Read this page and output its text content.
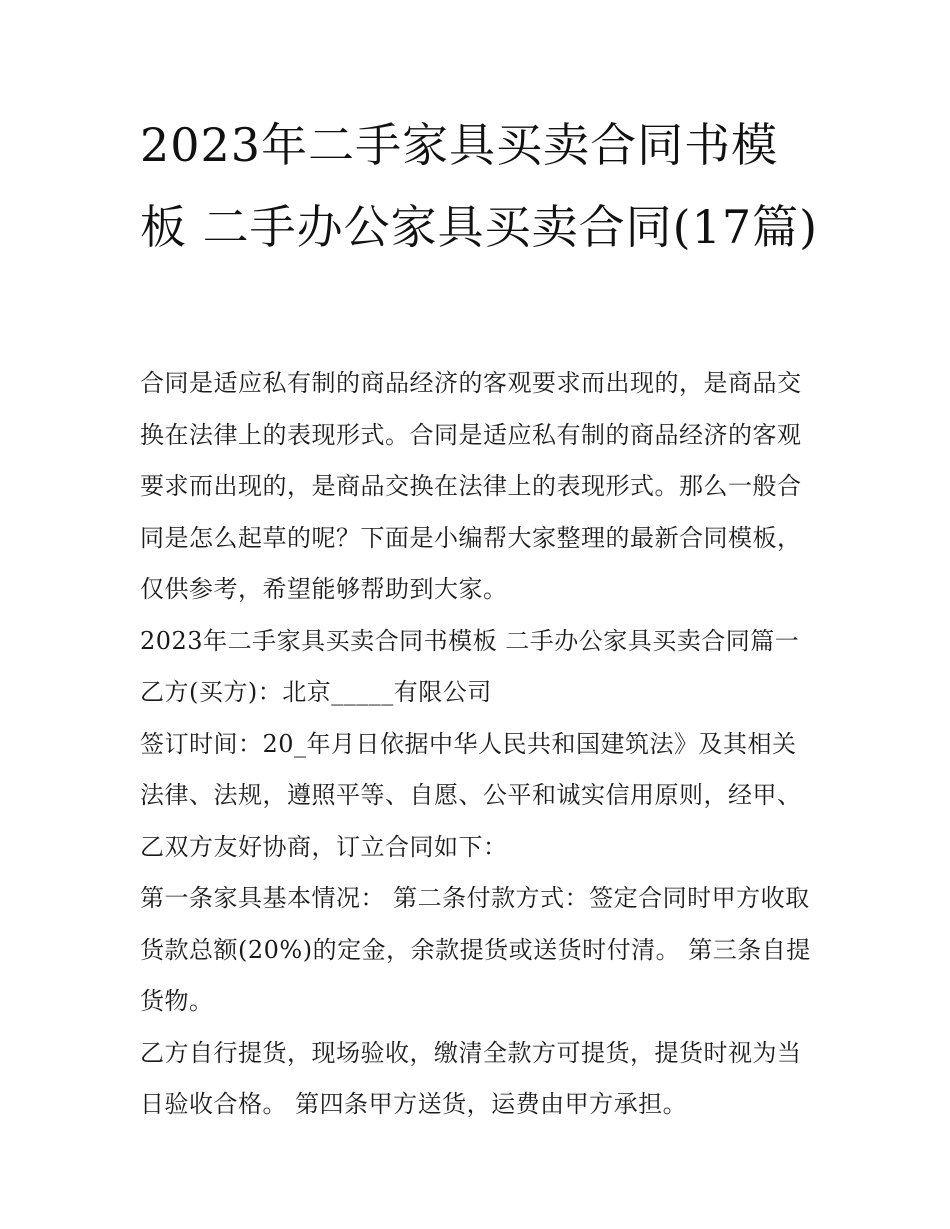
2023年二手家具买卖合同书模板 二手办公家具买卖合同(17篇)

合同是适应私有制的商品经济的客观要求而出现的，是商品交换在法律上的表现形式。合同是适应私有制的商品经济的客观要求而出现的，是商品交换在法律上的表现形式。那么一般合同是怎么起草的呢？下面是小编帮大家整理的最新合同模板，仅供参考，希望能够帮助到大家。

2023年二手家具买卖合同书模板 二手办公家具买卖合同篇一

乙方(买方)：北京_____有限公司

签订时间：20_年月日依据中华人民共和国建筑法》及其相关法律、法规，遵照平等、自愿、公平和诚实信用原则，经甲、乙双方友好协商，订立合同如下：

第一条家具基本情况： 第二条付款方式：签定合同时甲方收取货款总额(20%)的定金，余款提货或送货时付清。 第三条自提货物。

乙方自行提货，现场验收，缴清全款方可提货，提货时视为当日验收合格。 第四条甲方送货，运费由甲方承担。
